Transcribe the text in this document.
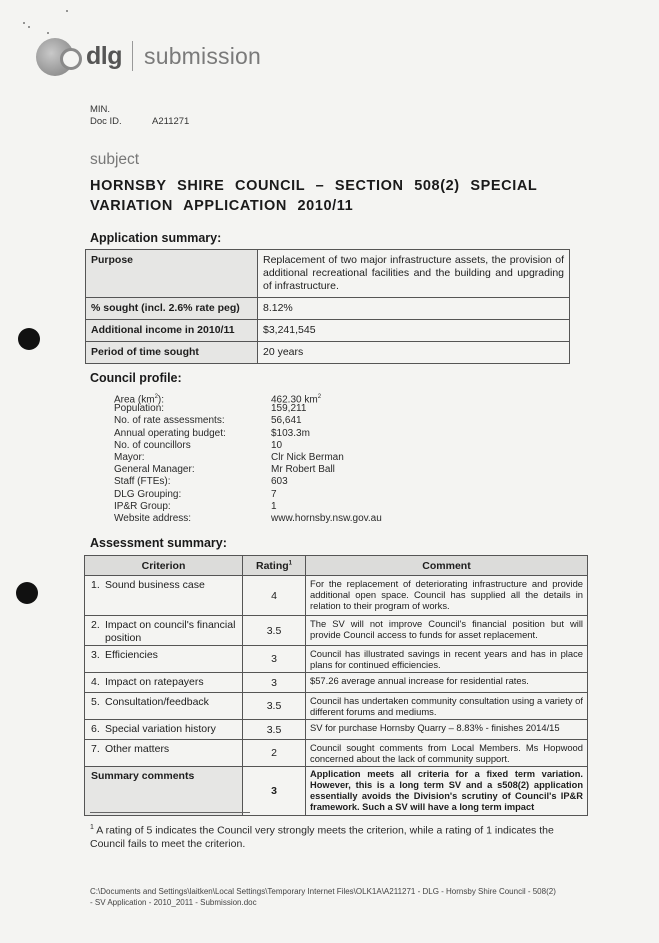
dlg submission
MIN.
Doc ID.	A211271
subject
HORNSBY SHIRE COUNCIL – SECTION 508(2) SPECIAL VARIATION APPLICATION 2010/11
Application summary:
Purpose	Replacement of two major infrastructure assets, the provision of additional recreational facilities and the building and upgrading of infrastructure.
% sought (incl. 2.6% rate peg)	8.12%
Additional income in 2010/11	$3,241,545
Period of time sought	20 years
Council profile:
Area $(km^2)$:	462.30 $km^2$
Population:	159,211
No. of rate assessments:	56,641
Annual operating budget:	$103.3m
No. of councillors	10
Mayor:	Clr Nick Berman
General Manager:	Mr Robert Ball
Staff (FTEs):	603
DLG Grouping:	7
IP&R Group:	1
Website address:	www.hornsby.nsw.gov.au
Assessment summary:
Criterion	Rating$^1$	Comment

1. Sound business case	4	For the replacement of deteriorating infrastructure and provide additional open space. Council has supplied all the details in relation to their program of works.

2. Impact on council's financial position	3.5	The SV will not improve Council's financial position but will provide Council access to funds for asset replacement.

3. Efficiencies	3	Council has illustrated savings in recent years and has in place plans for continued efficiencies.

4. Impact on ratepayers	3	$57.26 average annual increase for residential rates.

5. Consultation/feedback	3.5	Council has undertaken community consultation using a variety of different forums and mediums.

6. Special variation history	3.5	SV for purchase Hornsby Quarry – 8.83% - finishes 2014/15

7. Other matters	2	Council sought comments from Local Members. Ms Hopwood concerned about the lack of community support.
Summary comments	3	Application meets all criteria for a fixed term variation. However, this is a long term SV and a s508(2) application essentially avoids the Division's scrutiny of Council's IP&R framework. Such a SV will have a long term impact
$^1$ A rating of 5 indicates the Council very strongly meets the criterion, while a rating of 1 indicates the Council fails to meet the criterion.
C:\Documents and Settings\laitken\Local Settings\Temporary Internet Files\OLK1A\A211271 - DLG - Hornsby Shire Council - 508(2) - SV Application - 2010_2011 - Submission.doc
